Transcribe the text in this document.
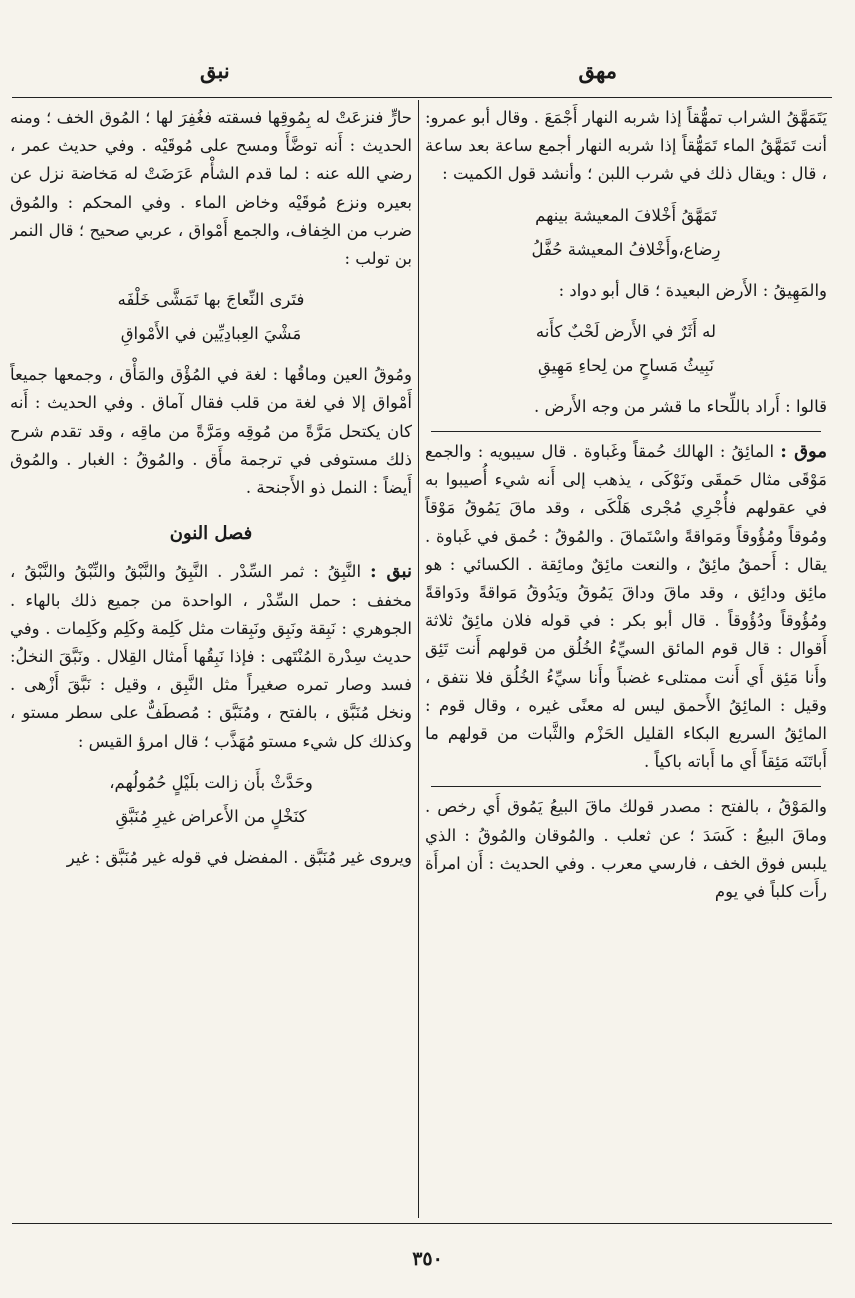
مهق
نبق

يَتَمَهَّقُ الشراب تمهُّقاً إذا شربه النهار أَجْمَعَ . وقال أبو عمرو: أنت تَمَهَّقُ الماء تَمَهُّقاً إذا شربه النهار أجمع ساعة بعد ساعة ، قال : ويقال ذلك في شرب اللبن ؛ وأنشد قول الكميت :

تَمَهَّقُ أَخْلافَ المعيشة بينهم
رِضاع،وأَخْلافُ المعيشة حُفَّلُ

والمَهِيقُ : الأَرض البعيدة ؛ قال أبو دواد :

له أَثَرٌ في الأَرض لَحْبٌ كأَنه
نَبِيثُ مَساحٍ من لِحاءِ مَهِيقِ

قالوا : أَراد باللِّحاء ما قشر من وجه الأَرض .

موق : المائِقُ : الهالك حُمقاً وغَباوة . قال سيبويه : والجمع مَوْقَى مثال حَمقَى ونَوْكَى ، يذهب إلى أَنه شيء أُصيبوا به في عقولهم فأُجْرِي مُجْرى هَلْكَى ، وقد ماقَ يَمُوقُ مَوْقاً ومُوقاً ومُؤُوقاً ومَواقةً واسْتَماقَ . والمُوقُ : حُمق في غَباوة . يقال : أَحمقُ مائِقٌ ، والنعت مائِقٌ ومائِقة . الكسائي : هو مائِق ودائِق ، وقد ماقَ وداقَ يَمُوقُ ويَدُوقُ مَواقةً ودَواقةً ومُؤُوقاً ودُؤُوقاً . قال أبو بكر : في قوله فلان مائِقٌ ثلاثة أَقوال : قال قوم المائق السيِّءُ الخُلُق من قولهم أَنت تَئِق وأَنا مَئِق أَي أَنت ممتلىء غضباً وأَنا سيِّءُ الخُلُق فلا نتفق ، وقيل : المائِقُ الأَحمق ليس له معنًى غيره ، وقال قوم : المائِقُ السريع البكاء القليل الحَزْم والثَّبات من قولهم ما أَباتَنَه مَئِقاً أَي ما أَباته باكياً .

والمَوْقُ ، بالفتح : مصدر قولك ماقَ البيعُ يَمُوق أَي رخص . وماقَ البيعُ : كَسَدَ ؛ عن ثعلب . والمُوقان والمُوقُ : الذي يلبس فوق الخف ، فارسي معرب . وفي الحديث : أَن امرأَة رأَت كلباً في يوم

حارٍّ فنزعَتْ له بِمُوقِها فسقته فغُفِرَ لها ؛ المُوق الخف ؛ ومنه الحديث : أَنه توضَّأَ ومسح على مُوقَيْه . وفي حديث عمر ، رضي الله عنه : لما قدم الشأْم عَرَضَتْ له مَخاضة نزل عن بعيره ونزع مُوقَيْه وخاض الماء . وفي المحكم : والمُوق ضرب من الخِفاف، والجمع أَمْواق ، عربي صحيح ؛ قال النمر بن تولب :

فتَرى النِّعاجَ بها تَمَشَّى خَلْفَه
مَشْيَ العِبادِيِّين في الأَمْواقِ

ومُوقُ العين وماقُها : لغة في المُؤْق والمَأْق ، وجمعها جميعاً أَمْواق إلا في لغة من قلب فقال آماق . وفي الحديث : أَنه كان يكتحل مَرَّةً من مُوقِه ومَرَّةً من ماقِه ، وقد تقدم شرح ذلك مستوفى في ترجمة مأَق . والمُوقُ : الغبار . والمُوق أَيضاً : النمل ذو الأَجنحة .

فصل النون

نبق : النَّبِقُ : ثمر السِّدْر . النَّبِقُ والنَّبْقُ والنِّبْقُ والنَّبْقُ ، مخفف : حمل السِّدْر ، الواحدة من جميع ذلك بالهاء . الجوهري : نَبِقة ونَبِق ونَبِقات مثل كَلِمة وكَلِم وكَلِمات . وفي حديث سِدْرة المُنْتَهى : فإذا نَبِقُها أَمثال القِلال . ونَبَّقَ النخلُ: فسد وصار تمره صغيراً مثل النَّبِق ، وقيل : نَبَّقَ أَزْهى . ونخل مُنَبَّق ، بالفتح ، ومُنَبَّق : مُصطَفٌّ على سطر مستو ، وكذلك كل شيء مستو مُهَذَّب ؛ قال امرؤ القيس :

وحَدَّثْ بأَن زالت بلَيْلٍ حُمُولُهم،
كنَخْلٍ من الأَعراض غيرِ مُنَبَّقِ

ويروى غير مُنَبَّق . المفضل في قوله غير مُنَبَّق : غير

٣٥٠
